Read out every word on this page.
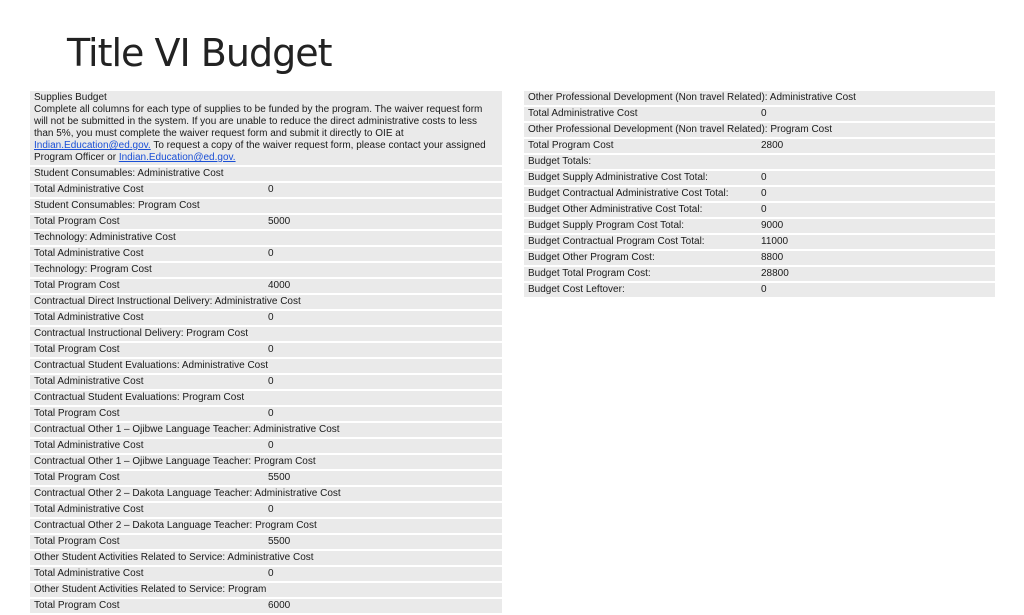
Title VI Budget
Supplies Budget
Complete all columns for each type of supplies to be funded by the program. The waiver request form will not be submitted in the system. If you are unable to reduce the direct administrative costs to less than 5%, you must complete the waiver request form and submit it directly to OIE at Indian.Education@ed.gov. To request a copy of the waiver request form, please contact your assigned Program Officer or Indian.Education@ed.gov.	
Student Consumables: Administrative Cost	
Total Administrative Cost	0
Student Consumables: Program Cost	
Total Program Cost	5000
Technology: Administrative Cost	
Total Administrative Cost	0
Technology: Program Cost	
Total Program Cost	4000
Contractual Direct Instructional Delivery: Administrative Cost	
Total Administrative Cost	0
Contractual Instructional Delivery: Program Cost	
Total Program Cost	0
Contractual Student Evaluations: Administrative Cost	
Total Administrative Cost	0
Contractual Student Evaluations: Program Cost	
Total Program Cost	0
Contractual Other 1 – Ojibwe Language Teacher: Administrative Cost	
Total Administrative Cost	0
Contractual Other 1 – Ojibwe Language Teacher: Program Cost	
Total Program Cost	5500
Contractual Other 2 – Dakota Language Teacher: Administrative Cost	
Total Administrative Cost	0
Contractual Other 2 – Dakota Language Teacher: Program Cost	
Total Program Cost	5500
Other Student Activities Related to Service: Administrative Cost	
Total Administrative Cost	0
Other Student Activities Related to Service: Program	
Total Program Cost	6000
Other Professional Development (Non travel Related): Administrative Cost	
Total Administrative Cost	0
Other Professional Development (Non travel Related): Program Cost	
Total Program Cost	2800
Budget Totals:	
Budget Supply Administrative Cost Total:	0
Budget Contractual Administrative Cost Total:	0
Budget Other Administrative Cost Total:	0
Budget Supply Program Cost Total:	9000
Budget Contractual Program Cost Total:	11000
Budget Other Program Cost:	8800
Budget Total Program Cost:	28800
Budget Cost Leftover:	0
